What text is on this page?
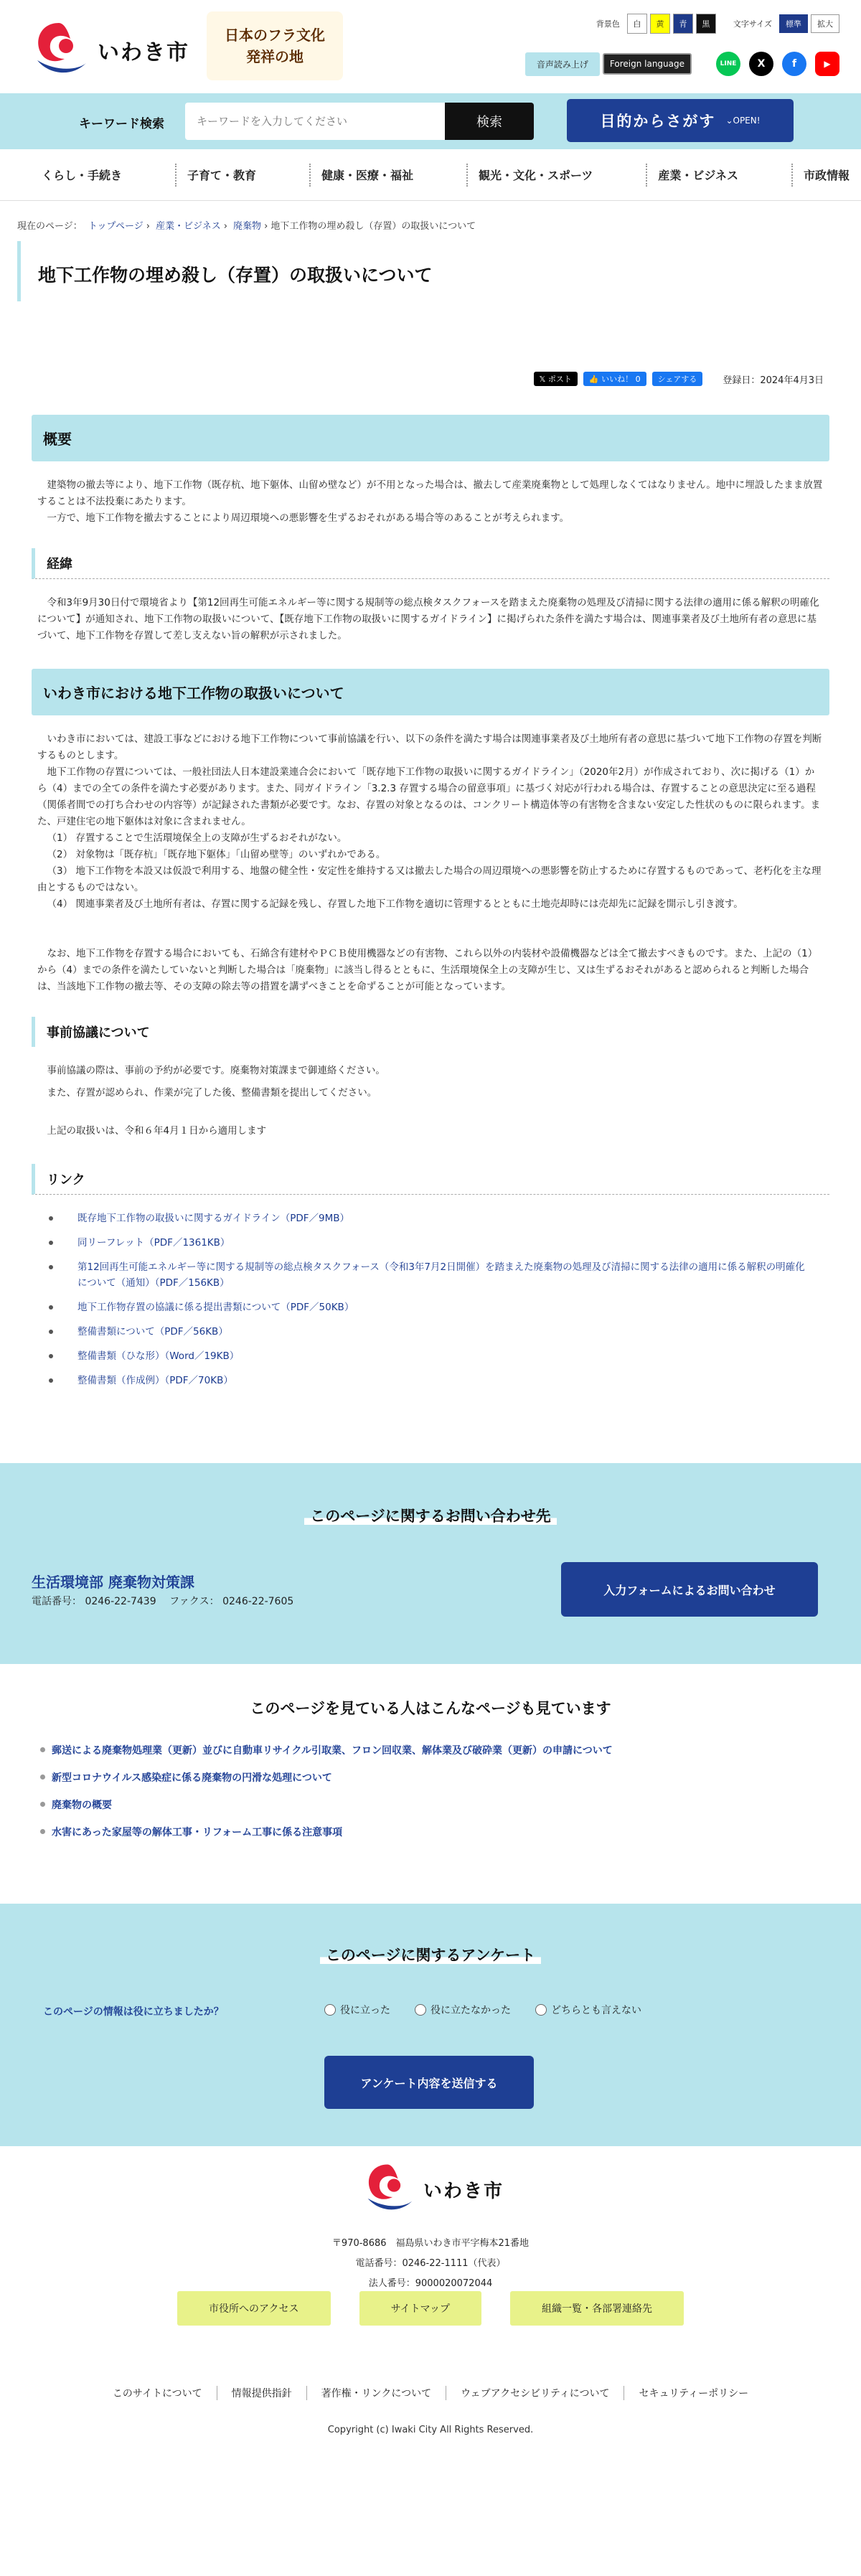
いわき市
日本のフラ文化
発祥の地
背景色	白	黄	青	黒	文字サイズ	標準	拡大
音声読み上げ	Foreign language	LINE	X	f	▶
キーワード検索
キーワードを入力してください	検索	目的からさがす ⌄OPEN!
くらし・手続き	子育て・教育	健康・医療・福祉	観光・文化・スポーツ	産業・ビジネス	市政情報
現在のページ： トップページ › 産業・ビジネス › 廃棄物 › 地下工作物の埋め殺し（存置）の取扱いについて
地下工作物の埋め殺し（存置）の取扱いについて
𝕏 ポスト	👍 いいね！ 0	シェアする	登録日：2024年4月3日
概要

建築物の撤去等により、地下工作物（既存杭、地下躯体、山留め壁など）が不用となった場合は、撤去して産業廃棄物として処理しなくてはなりません。地中に埋設したまま放置することは不法投棄にあたります。

一方で、地下工作物を撤去することにより周辺環境への悪影響を生ずるおそれがある場合等のあることが考えられます。

経緯

令和3年9月30日付で環境省より【第12回再生可能エネルギー等に関する規制等の総点検タスクフォースを踏まえた廃棄物の処理及び清掃に関する法律の適用に係る解釈の明確化について】が通知され、地下工作物の取扱いについて、【既存地下工作物の取扱いに関するガイドライン】に掲げられた条件を満たす場合は、関連事業者及び土地所有者の意思に基づいて、地下工作物を存置して差し支えない旨の解釈が示されました。

いわき市における地下工作物の取扱いについて

いわき市においては、建設工事などにおける地下工作物について事前協議を行い、以下の条件を満たす場合は関連事業者及び土地所有者の意思に基づいて地下工作物の存置を判断するものとします。

地下工作物の存置については、一般社団法人日本建設業連合会において「既存地下工作物の取扱いに関するガイドライン」（2020年2月）が作成されており、次に掲げる（1）から（4）までの全ての条件を満たす必要があります。また、同ガイドライン「3.2.3 存置する場合の留意事項」に基づく対応が行われる場合は、存置することの意思決定に至る過程（関係者間での打ち合わせの内容等）が記録された書類が必要です。なお、存置の対象となるのは、コンクリート構造体等の有害物を含まない安定した性状のものに限られます。また、戸建住宅の地下躯体は対象に含まれません。

（1） 存置することで生活環境保全上の支障が生ずるおそれがない。

（2） 対象物は「既存杭」「既存地下躯体」「山留め壁等」のいずれかである。

（3） 地下工作物を本設又は仮設で利用する、地盤の健全性・安定性を維持する又は撤去した場合の周辺環境への悪影響を防止するために存置するものであって、老朽化を主な理由とするものではない。

（4） 関連事業者及び土地所有者は、存置に関する記録を残し、存置した地下工作物を適切に管理するとともに土地売却時には売却先に記録を開示し引き渡す。

なお、地下工作物を存置する場合においても、石綿含有建材やＰＣＢ使用機器などの有害物、これら以外の内装材や設備機器などは全て撤去すべきものです。また、上記の（1）から（4）までの条件を満たしていないと判断した場合は「廃棄物」に該当し得るとともに、生活環境保全上の支障が生じ、又は生ずるおそれがあると認められると判断した場合は、当該地下工作物の撤去等、その支障の除去等の措置を講ずべきことを命ずることが可能となっています。

事前協議について

事前協議の際は、事前の予約が必要です。廃棄物対策課まで御連絡ください。

また、存置が認められ、作業が完了した後、整備書類を提出してください。

上記の取扱いは、令和６年4月１日から適用します

リンク
既存地下工作物の取扱いに関するガイドライン（PDF／9MB）
同リーフレット（PDF／1361KB）
第12回再生可能エネルギー等に関する規制等の総点検タスクフォース（令和3年7月2日開催）を踏まえた廃棄物の処理及び清掃に関する法律の適用に係る解釈の明確化について（通知）（PDF／156KB）
地下工作物存置の協議に係る提出書類について（PDF／50KB）
整備書類について（PDF／56KB）
整備書類（ひな形）（Word／19KB）
整備書類（作成例）（PDF／70KB）
このページに関するお問い合わせ先
生活環境部 廃棄物対策課
電話番号： 0246-22-7439　 ファクス： 0246-22-7605
入力フォームによるお問い合わせ
このページを見ている人はこんなページも見ています
郵送による廃棄物処理業（更新）並びに自動車リサイクル引取業、フロン回収業、解体業及び破砕業（更新）の申請について
新型コロナウイルス感染症に係る廃棄物の円滑な処理について
廃棄物の概要
水害にあった家屋等の解体工事・リフォーム工事に係る注意事項
このページに関するアンケート
このページの情報は役に立ちましたか？	役に立った	役に立たなかった	どちらとも言えない
アンケート内容を送信する
いわき市
〒970-8686　福島県いわき市平字梅本21番地
電話番号：0246-22-1111（代表）
法人番号：9000020072044
市役所へのアクセス	サイトマップ	組織一覧・各部署連絡先
このサイトについて	情報提供指針	著作権・リンクについて	ウェブアクセシビリティについて	セキュリティーポリシー
Copyright (c) Iwaki City All Rights Reserved.
